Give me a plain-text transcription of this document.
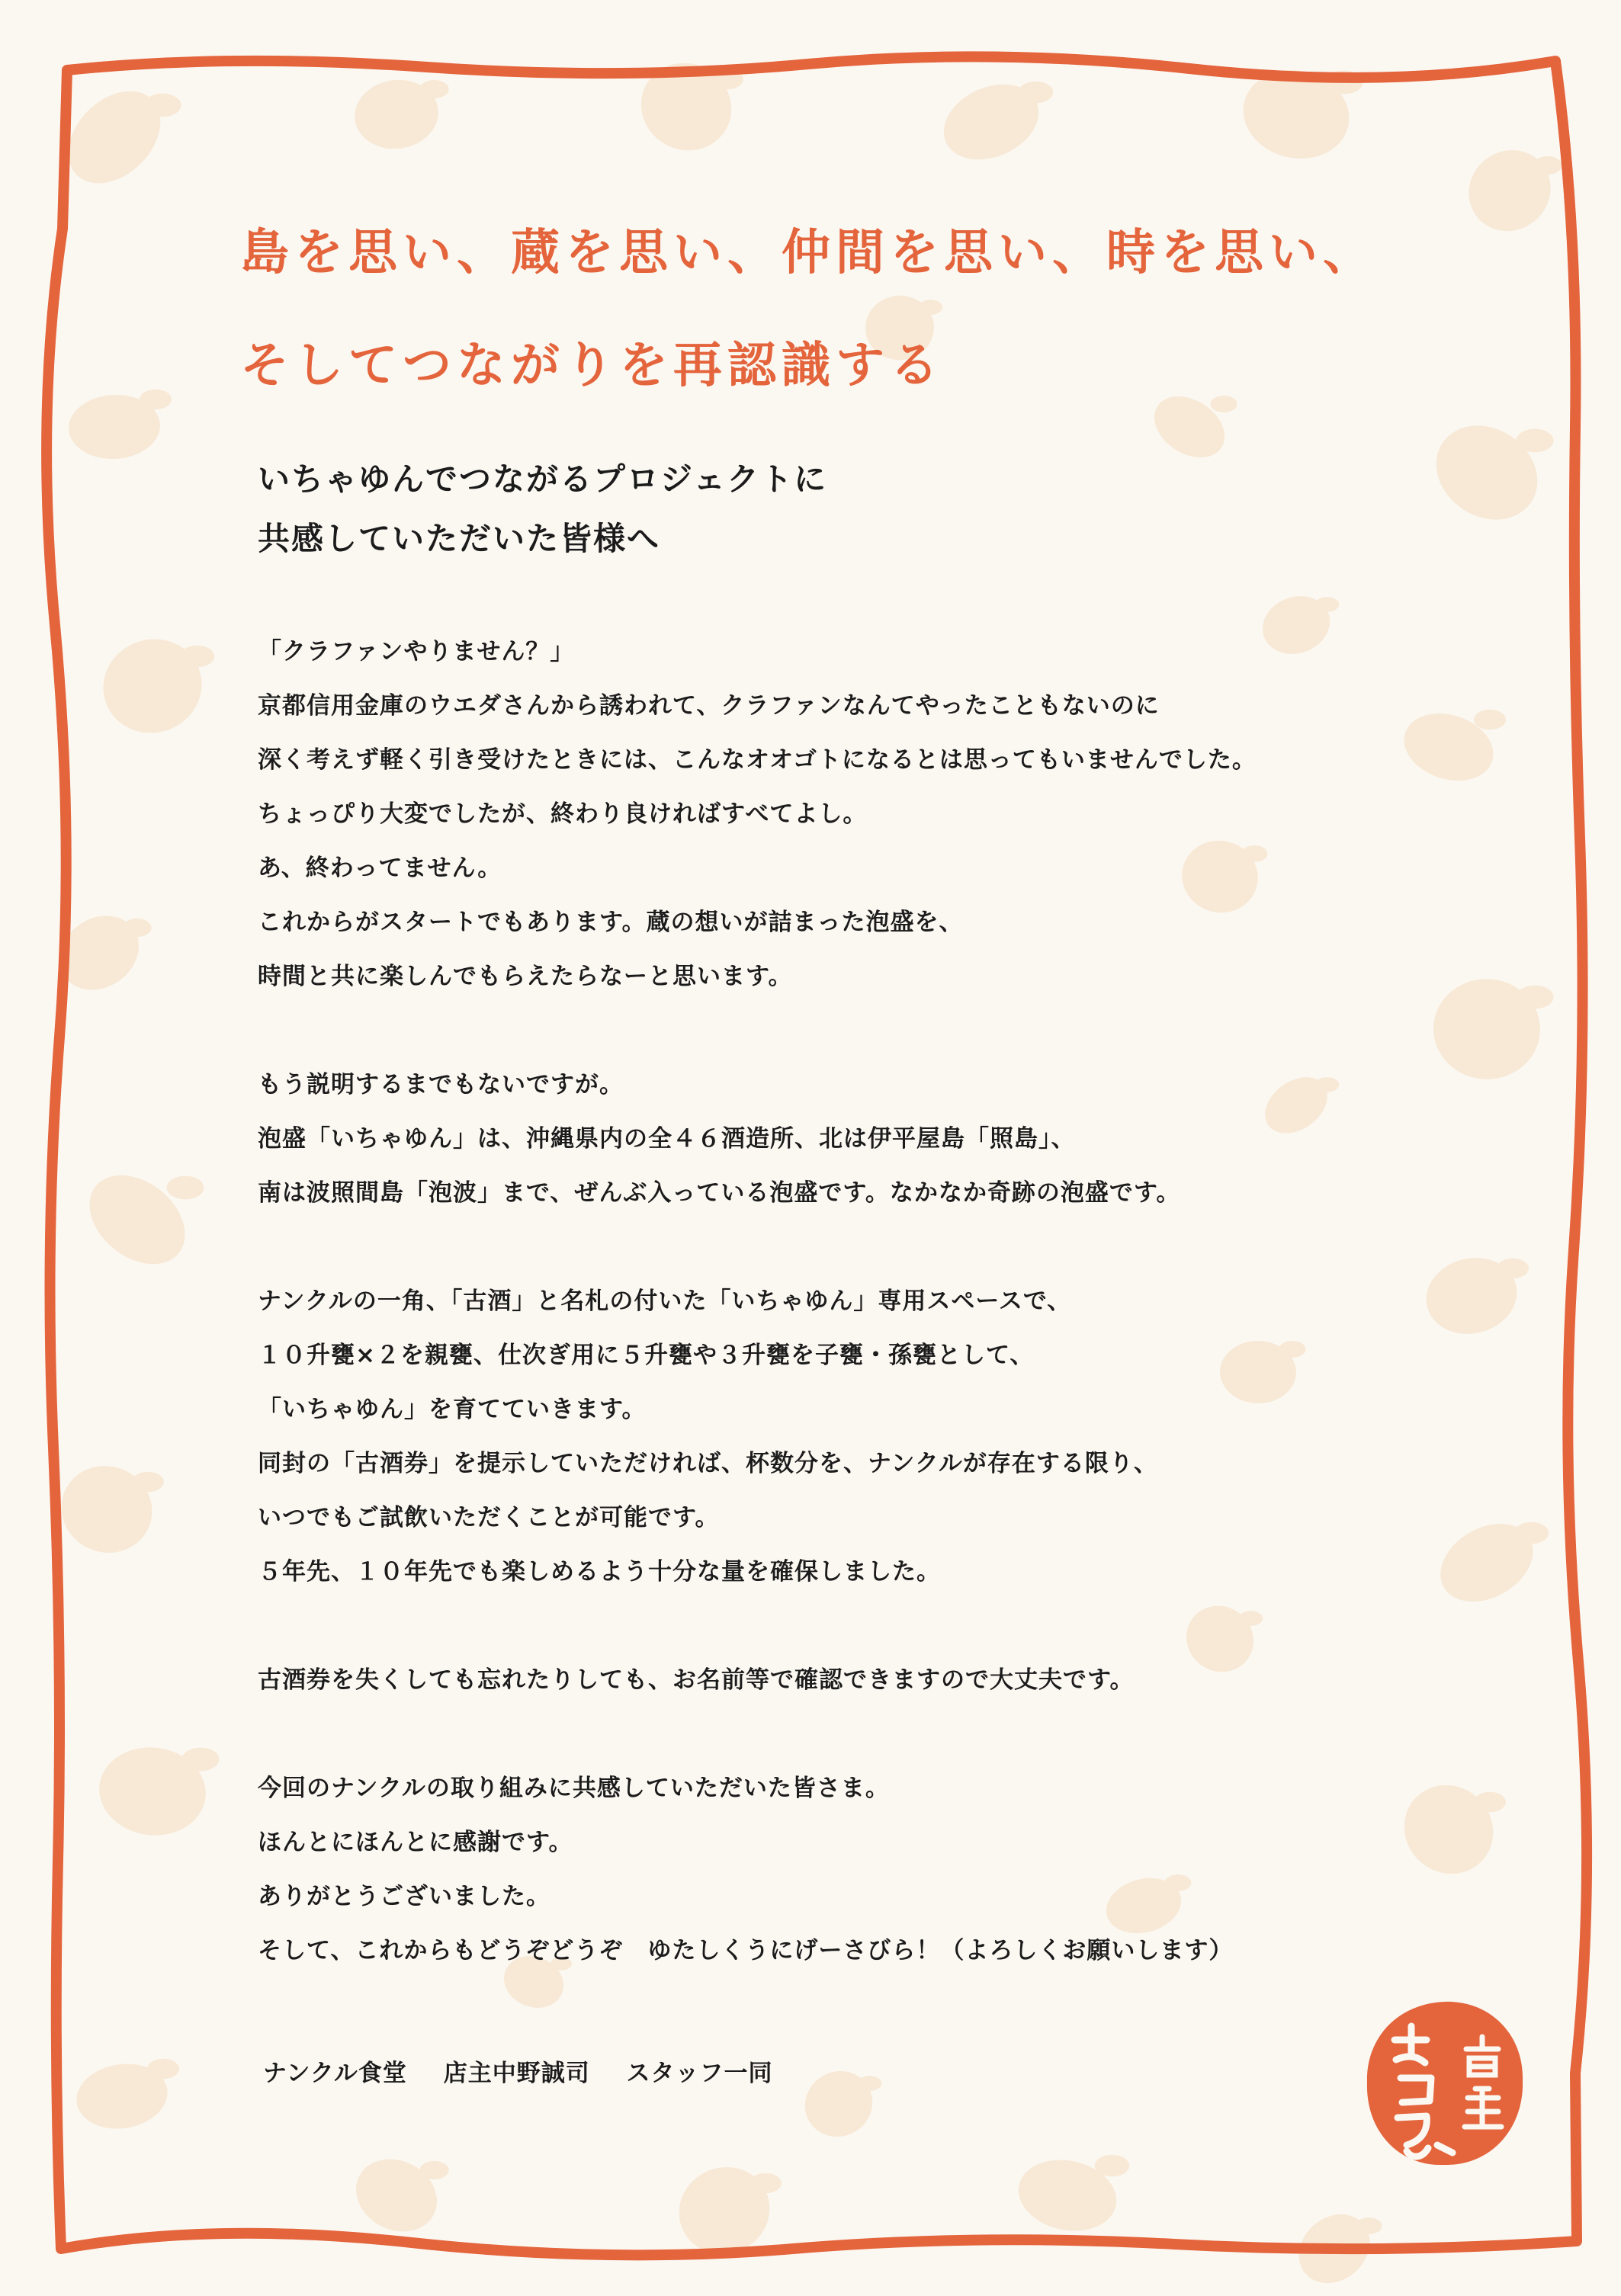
島を思い、蔵を思い、仲間を思い、時を思い、
そしてつながりを再認識する
いちゃゆんでつながるプロジェクトに
共感していただいた皆様へ

「クラファンやりません？」
京都信用金庫のウエダさんから誘われて、クラファンなんてやったこともないのに
深く考えず軽く引き受けたときには、こんなオオゴトになるとは思ってもいませんでした。
ちょっぴり大変でしたが、終わり良ければすべてよし。
あ、終わってません。
これからがスタートでもあります。蔵の想いが詰まった泡盛を、
時間と共に楽しんでもらえたらなーと思います。

もう説明するまでもないですが。
泡盛「いちゃゆん」は、沖縄県内の全４６酒造所、北は伊平屋島「照島」、
南は波照間島「泡波」まで、ぜんぶ入っている泡盛です。なかなか奇跡の泡盛です。

ナンクルの一角、「古酒」と名札の付いた「いちゃゆん」専用スペースで、
１０升甕×２を親甕、仕次ぎ用に５升甕や３升甕を子甕・孫甕として、
「いちゃゆん」を育てていきます。
同封の「古酒券」を提示していただければ、杯数分を、ナンクルが存在する限り、
いつでもご試飲いただくことが可能です。
５年先、１０年先でも楽しめるよう十分な量を確保しました。

古酒券を失くしても忘れたりしても、お名前等で確認できますので大丈夫です。

今回のナンクルの取り組みに共感していただいた皆さま。
ほんとにほんとに感謝です。
ありがとうございました。
そして、これからもどうぞどうぞ　ゆたしくうにげーさびら！（よろしくお願いします）

ナンクル食堂 店主中野誠司 スタッフ一同
